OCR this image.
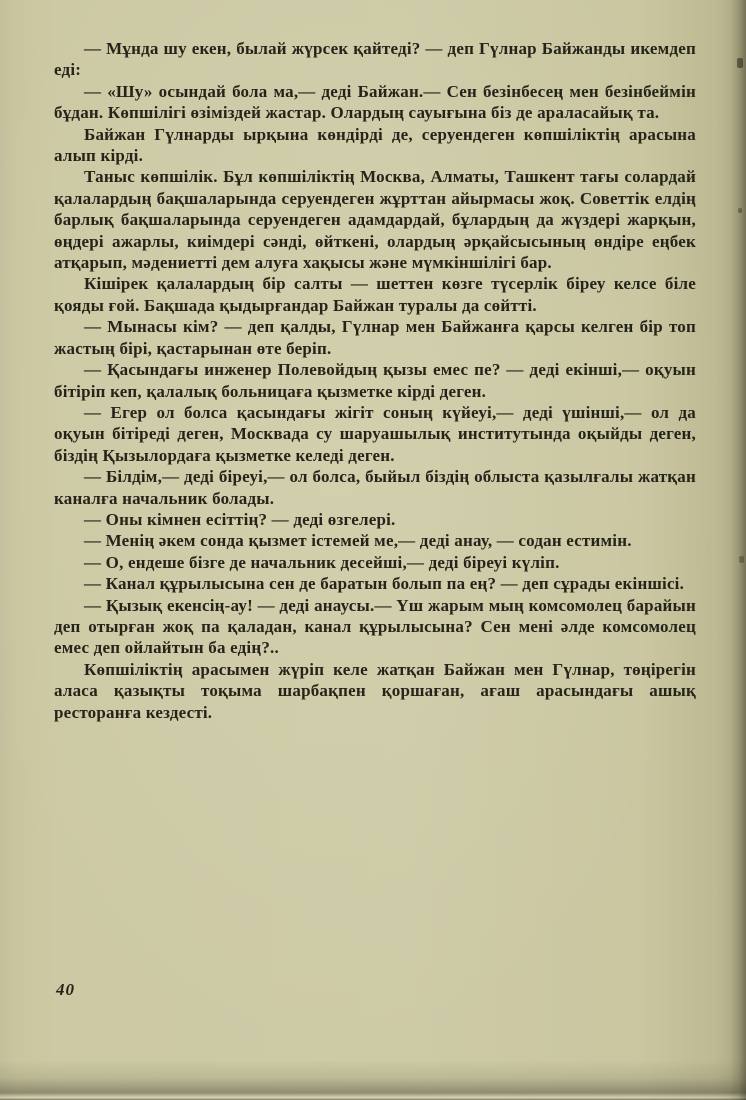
— Мұнда шу екен, былай жүрсек қайтеді? — деп Гүлнар Байжанды икемдеп еді:

— «Шу» осындай бола ма,— деді Байжан.— Сен безінбесең мен безінбеймін бұдан. Көпшілігі өзіміздей жастар. Олардың сауығына біз де араласайық та.

Байжан Гүлнарды ырқына көндірді де, серуендеген көпшіліктің арасына алып кірді.

Таныс көпшілік. Бұл көпшіліктің Москва, Алматы, Ташкент тағы солардай қалалардың бақшаларында серуендеген жұрттан айырмасы жоқ. Советтік елдің барлық бақшаларында серуендеген адамдардай, бұлардың да жүздері жарқын, өңдері ажарлы, киімдері сәнді, өйткені, олардың әрқайсысының өндіре еңбек атқарып, мәдениетті дем алуға хақысы және мүмкіншілігі бар.

Кішірек қалалардың бір салты — шеттен көзге түсерлік біреу келсе біле қояды ғой. Бақшада қыдырғандар Байжан туралы да сөйтті.

— Мынасы кім? — деп қалды, Гүлнар мен Байжанға қарсы келген бір топ жастың бірі, қастарынан өте беріп.

— Қасындағы инженер Полевойдың қызы емес пе? — деді екінші,— оқуын бітіріп кеп, қалалық больницаға қызметке кірді деген.

— Егер ол болса қасындағы жігіт соның күйеуі,— деді үшінші,— ол да оқуын бітіреді деген, Москвада су шаруашылық институтында оқыйды деген, біздің Қызылордаға қызметке келеді деген.

— Білдім,— деді біреуі,— ол болса, быйыл біздің облыста қазылғалы жатқан каналға начальник болады.

— Оны кімнен есіттің? — деді өзгелері.

— Менің әкем сонда қызмет істемей ме,— деді анау, — содан естимін.

— О, ендеше бізге де начальник десейші,— деді біреуі күліп.

— Канал құрылысына сен де баратын болып па ең? — деп сұрады екіншісі.

— Қызық екенсің-ау! — деді анаусы.— Үш жарым мың комсомолец барайын деп отырған жоқ па қаладан, канал құрылысына? Сен мені әлде комсомолец емес деп ойлайтын ба едің?..

Көпшіліктің арасымен жүріп келе жатқан Байжан мен Гүлнар, төңірегін аласа қазықты тоқыма шарбақпен қоршаған, ағаш арасындағы ашық ресторанға кездесті.

40
